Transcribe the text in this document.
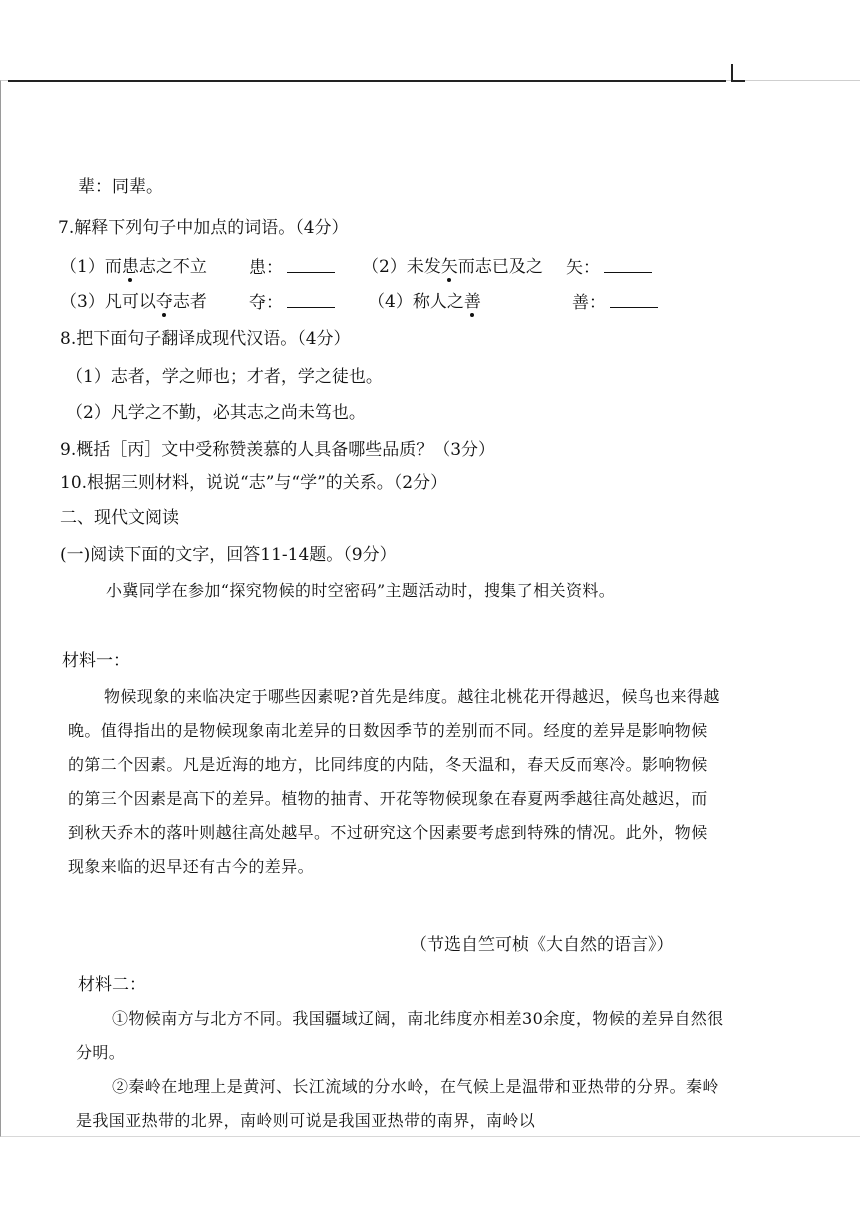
辈：同辈。
7.解释下列句子中加点的词语。（4分）
（1）而患志之不立 患：	（2）未发矢而志已及之 矢：
（3）凡可以夺志者 夺：	（4）称人之善	善：
8.把下面句子翻译成现代汉语。（4分）
（1）志者，学之师也；才者，学之徒也。
（2）凡学之不勤，必其志之尚未笃也。
9.概括［丙］文中受称赞羡慕的人具备哪些品质？（3分）
10.根据三则材料，说说“志”与“学”的关系。（2分）
二、现代文阅读
(一)阅读下面的文字，回答11-14题。（9分）
小冀同学在参加“探究物候的时空密码”主题活动时，搜集了相关资料。
材料一：
物候现象的来临决定于哪些因素呢?首先是纬度。越往北桃花开得越迟，候鸟也来得越晚。值得指出的是物候现象南北差异的日数因季节的差别而不同。经度的差异是影响物候的第二个因素。凡是近海的地方，比同纬度的内陆，冬天温和，春天反而寒冷。影响物候的第三个因素是高下的差异。植物的抽青、开花等物候现象在春夏两季越往高处越迟，而到秋天乔木的落叶则越往高处越早。不过研究这个因素要考虑到特殊的情况。此外，物候现象来临的迟早还有古今的差异。
（节选自竺可桢《大自然的语言》）
材料二：
①物候南方与北方不同。我国疆域辽阔，南北纬度亦相差30余度，物候的差异自然很分明。
②秦岭在地理上是黄河、长江流域的分水岭，在气候上是温带和亚热带的分界。秦岭是我国亚热带的北界，南岭则可说是我国亚热带的南界，南岭以
